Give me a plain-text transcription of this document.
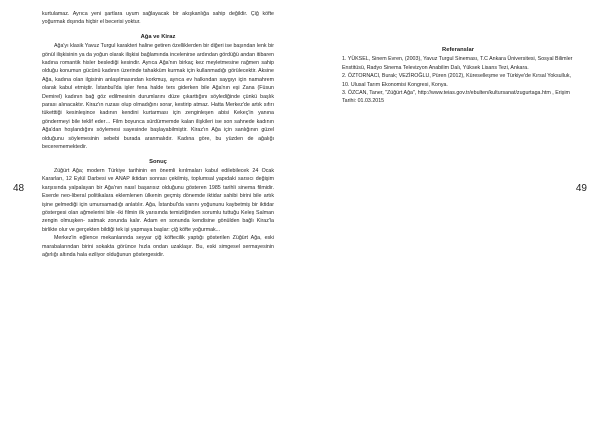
kurtulamaz. Ayrıca yeni şartlara uyum sağlayacak bir akışkanlığa sahip değildir. Çiğ köfte yoğurmak dışında hiçbir el becerisi yoktur.

Ağa ve Kiraz

Ağa'yı klasik Yavuz Turgul karakteri haline getiren özelliklerden bir diğeri ise başından lenk bir gönül ilişkisinin ya da yoğun olarak ilişkisi bağlamında incelenirse ardından gördüğü andan itibaren kadına romantik hisler beslediği kesindir. Ayrıca Ağa'nın birkaç kez meyletmesine rağmen sahip olduğu konumun gücünü kadının üzerinde tahakküm kurmak için kullanmadığı görülecektir. Aksine Ağa, kadına olan ilgisinin anlaşılmasından korkmuş, ayrıca ev halkından saygıyı için namahrem olarak kabul etmiştir. İstanbul'da işler fena halde ters giderken bile Ağa'nın eşi Zana (Füsun Demirel) kadının bağ göz edilmesinin durumlarını düze çıkarttığını söylediğinde çünkü başlık parası alınacaktır. Kiraz'ın ruzası olup olmadığını sorar, kestirip atmaz. Hatta Merkez'de artık sıfırı tüketttiği kesinleşince kadının kendini kurtarması için zenginleşen abisi Kekeç'in yanına göndermeyi bile teklif eder… Film boyunca sürdürmemde kalan ilişkileri ise son sahnede kadının Ağa'dan hoşlandığını söylemesi sayesinde başlayabilmiştir. Kiraz'ın Ağa için sanlığının güzel olduğunu söylemesinin sebebi burada aranmalıdır. Kadına göre, bu yüzden de ağalığı becerememektedir.

Sonuç

Züğürt Ağa; modern Türkiye tarihinin en önemli kırılmaları kabul edilebilecek 24 Ocak Kararları, 12 Eylül Darbesi ve ANAP iktidarı sonrası çekilmiş, toplumsal yapıdaki sarsıcı değişim karşısında yalpalayan bir Ağa'nın nasıl başarısız olduğunu gösteren 1985 tarihli sinema filmidir. Eserde neo-liberal politikalara eklemlenen ülkenin geçmiş dönemde iktidar sahibi birini bile artık işine gelmediği için umursamadığı anlatılır. Ağa, İstanbul'da varını yoğununu kaybetmiş bir iktidar göstergesi olan ağmelerini bile -iki filmin ilk yarısında temizliğinden sorumlu tuttuğu Keleş Salman zengin olmuşken- satmak zorunda kalır. Adam en sonunda kendisine gönülden bağlı Kiraz'la birlikte olur ve gerçekten bildiği tek işi yapmaya başlar: çiğ köfte yoğurmak...

Merkez'in eğlence mekanlarında seyyar çiğ köftecilik yaptığı gösterilen Züğürt Ağa, eski marabalarından birini sokakta görünce hızla ondan uzaklaşır. Bu, eski simgesel sermayesinin ağırlığı altında hala eziliyor olduğunun göstergesidir.

48
Referanslar

1. YÜKSEL, Sinem Evren, (2003), Yavuz Turgul Sineması, T.C Ankara Üniversitesi, Sosyal Bilimler Enstitüsü, Radyo Sinema Televizyon Anabilim Dalı, Yüksek Lisans Tezi, Ankara.

2. ÖZTORNACI, Burak; VEZİROĞLU, Püren (2012), Küreselleşme ve Türkiye'de Kırsal Yoksulluk, 10. Ulusal Tarım Ekonomisi Kongresi, Konya.

3. ÖZCAN, Taner, "Züğürt Ağa", http://www.teias.gov.tr/ebulten/kultursanat/zugurtaga.htm , Erişim Tarihi: 01.03.2015

49
